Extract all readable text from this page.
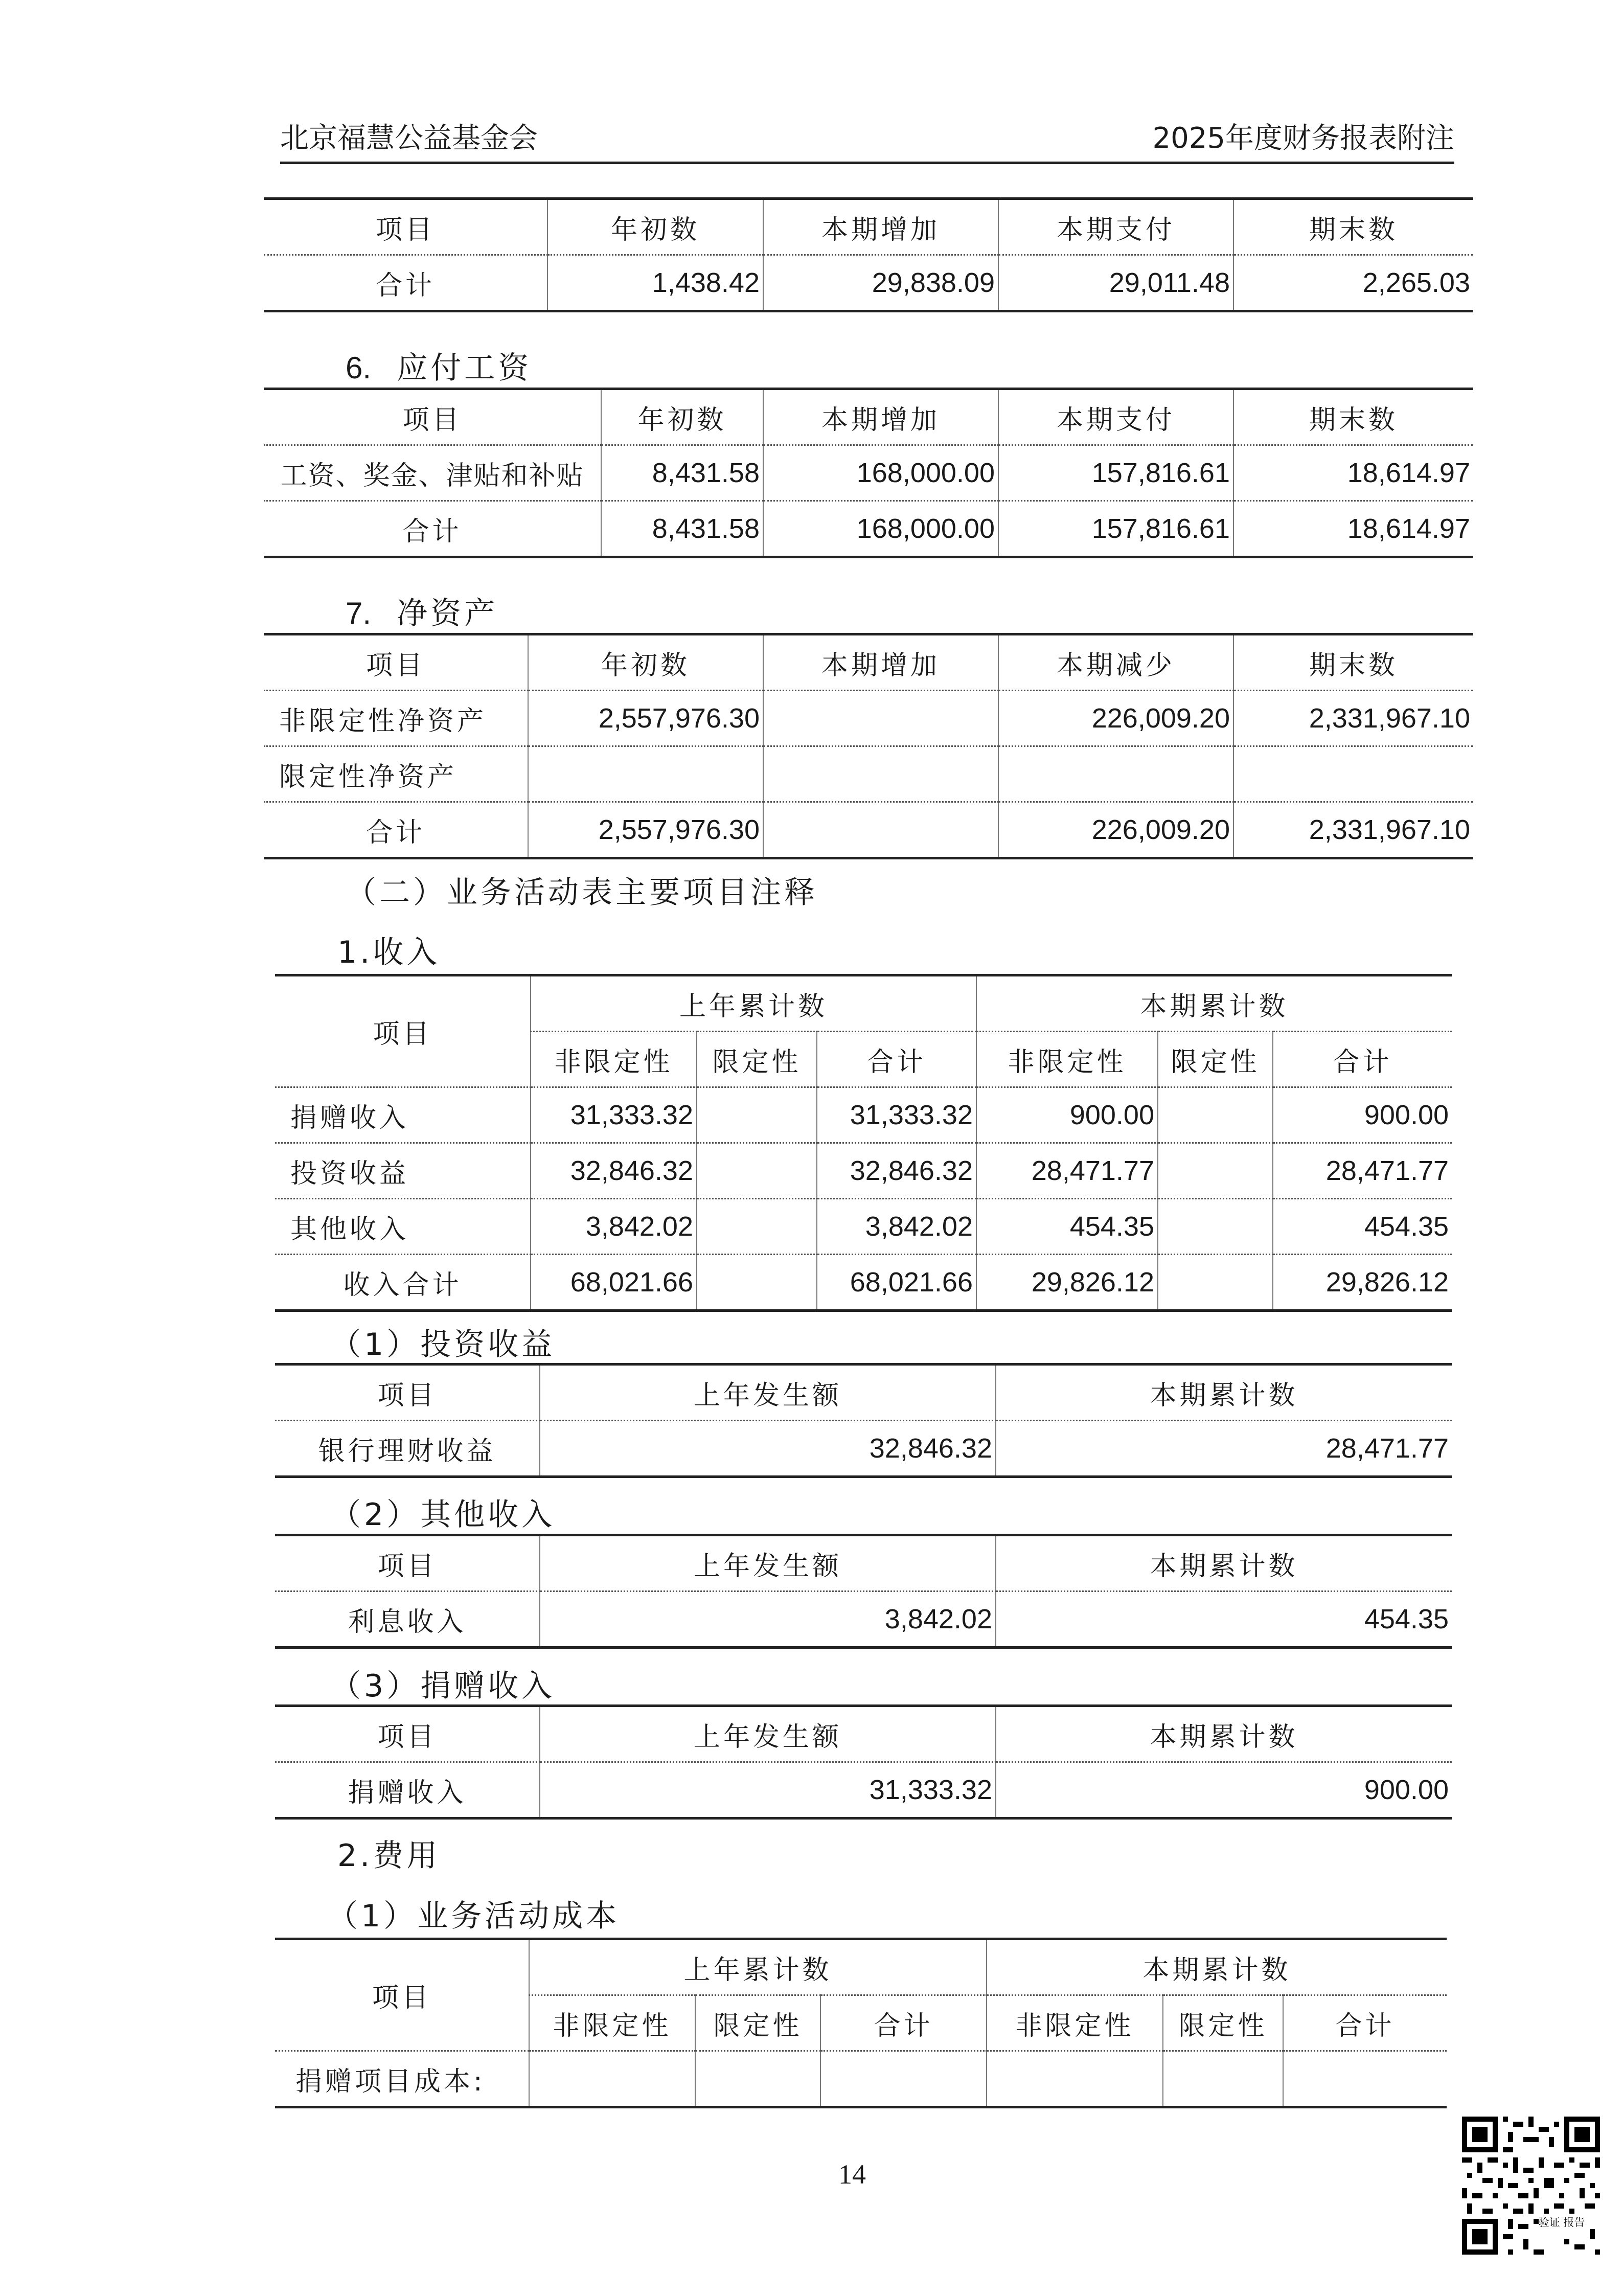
北京福慧公益基金会	2025年度财务报表附注
项目	年初数	本期增加	本期支付	期末数
合计	1,438.42	29,838.09	29,011.48	2,265.03
6. 应付工资
项目	年初数	本期增加	本期支付	期末数
工资、奖金、津贴和补贴	8,431.58	168,000.00	157,816.61	18,614.97
合计	8,431.58	168,000.00	157,816.61	18,614.97
7. 净资产
项目	年初数	本期增加	本期减少	期末数
非限定性净资产	2,557,976.30		226,009.20	2,331,967.10
限定性净资产				
合计	2,557,976.30		226,009.20	2,331,967.10
（二）业务活动表主要项目注释
1.收入
项目	上年累计数			本期累计数		
	非限定性	限定性	合计	非限定性	限定性	合计
捐赠收入	31,333.32		31,333.32	900.00		900.00
投资收益	32,846.32		32,846.32	28,471.77		28,471.77
其他收入	3,842.02		3,842.02	454.35		454.35
收入合计	68,021.66		68,021.66	29,826.12		29,826.12
（1）投资收益
项目	上年发生额	本期累计数
银行理财收益	32,846.32	28,471.77
（2）其他收入
项目	上年发生额	本期累计数
利息收入	3,842.02	454.35
（3）捐赠收入
项目	上年发生额	本期累计数
捐赠收入	31,333.32	900.00
2.费用
（1）业务活动成本
项目	上年累计数			本期累计数		
	非限定性	限定性	合计	非限定性	限定性	合计
捐赠项目成本:						
14
验证 报告
